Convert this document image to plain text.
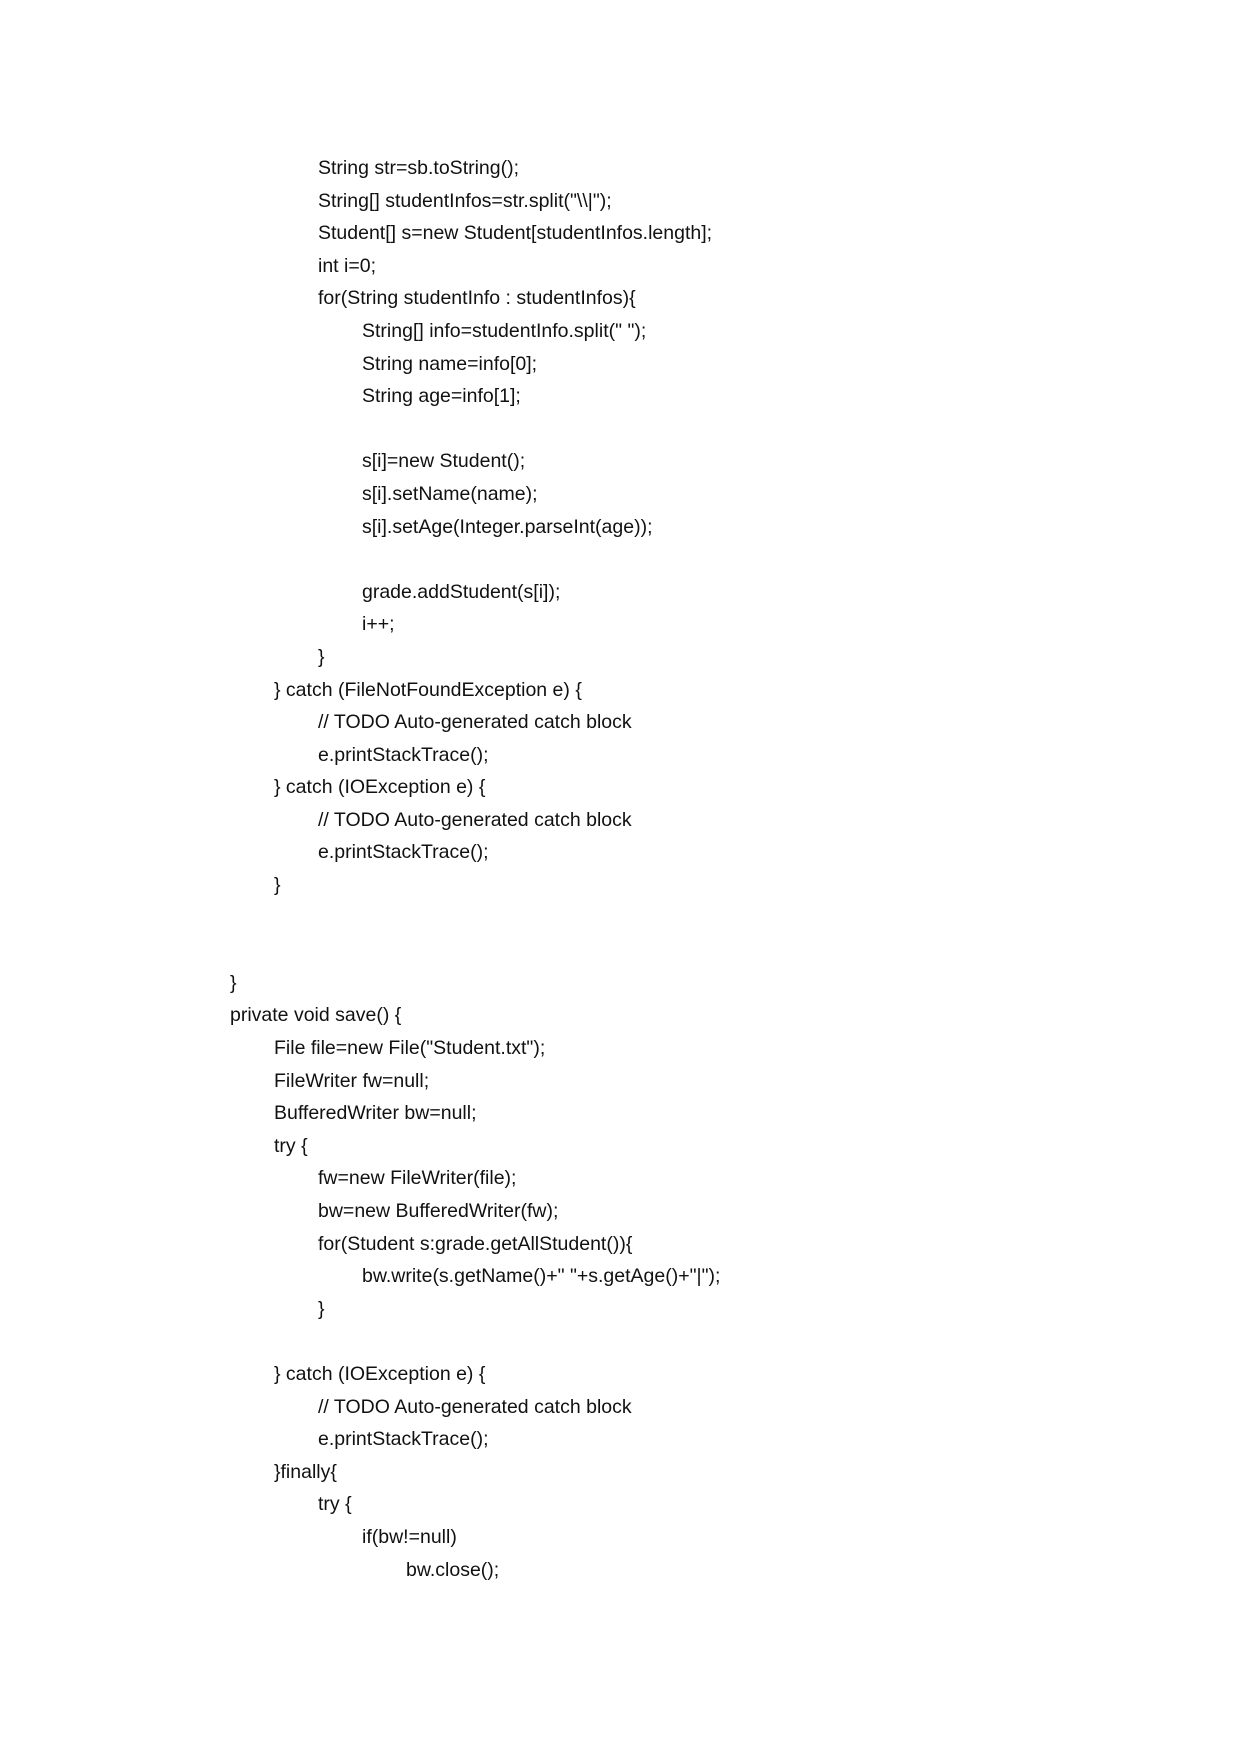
String str=sb.toString();
String[] studentInfos=str.split("\\|");
Student[] s=new Student[studentInfos.length];
int i=0;
for(String studentInfo : studentInfos){
String[] info=studentInfo.split(" ");
String name=info[0];
String age=info[1];
s[i]=new Student();
s[i].setName(name);
s[i].setAge(Integer.parseInt(age));
grade.addStudent(s[i]);
i++;
}
} catch (FileNotFoundException e) {
// TODO Auto-generated catch block
e.printStackTrace();
} catch (IOException e) {
// TODO Auto-generated catch block
e.printStackTrace();
}
}
private void save() {
File file=new File("Student.txt");
FileWriter fw=null;
BufferedWriter bw=null;
try {
fw=new FileWriter(file);
bw=new BufferedWriter(fw);
for(Student s:grade.getAllStudent()){
bw.write(s.getName()+" "+s.getAge()+"|");
}
} catch (IOException e) {
// TODO Auto-generated catch block
e.printStackTrace();
}finally{
try {
if(bw!=null)
bw.close();
